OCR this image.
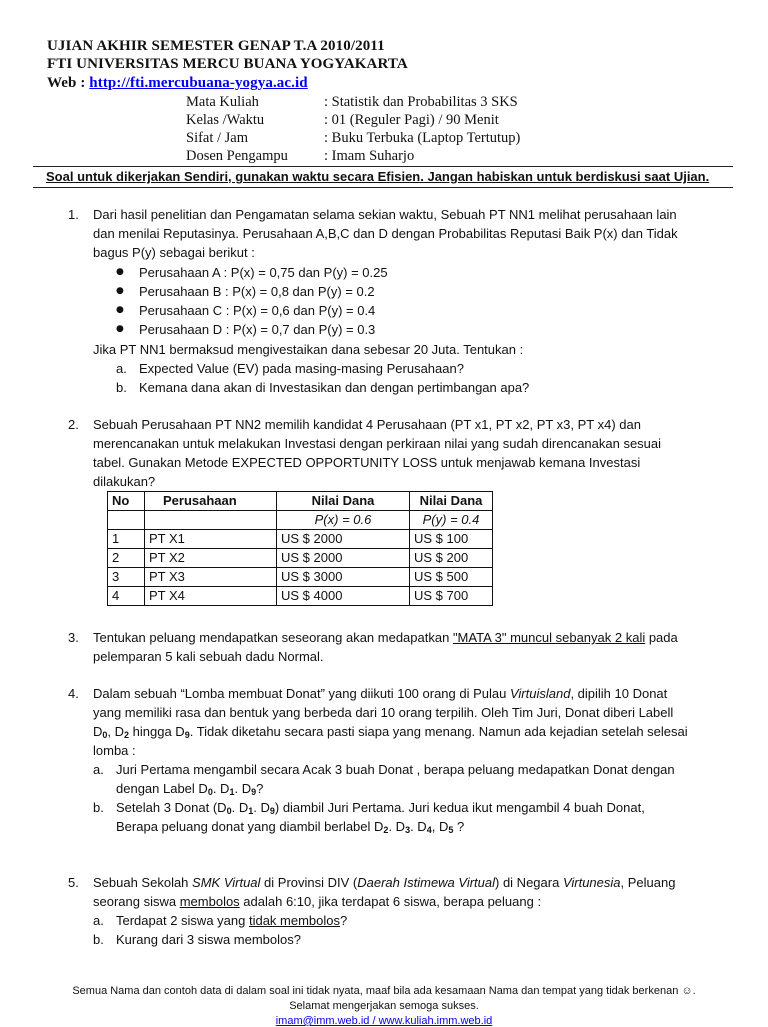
UJIAN AKHIR SEMESTER GENAP T.A 2010/2011
FTI UNIVERSITAS MERCU BUANA YOGYAKARTA
Web : http://fti.mercubuana-yogya.ac.id
Mata Kuliah	: Statistik dan Probabilitas 3 SKS
Kelas /Waktu	: 01 (Reguler Pagi) / 90 Menit
Sifat / Jam	: Buku Terbuka (Laptop Tertutup)
Dosen Pengampu : Imam Suharjo
Soal untuk dikerjakan Sendiri, gunakan waktu secara Efisien. Jangan habiskan untuk berdiskusi saat Ujian.
1. Dari hasil penelitian dan Pengamatan selama sekian waktu, Sebuah PT NN1 melihat perusahaan lain
dan menilai Reputasinya. Perusahaan A,B,C dan D dengan Probabilitas Reputasi Baik P(x) dan Tidak
bagus P(y) sebagai berikut :
● Perusahaan A : P(x) = 0,75 dan P(y) = 0.25
● Perusahaan B : P(x) = 0,8 dan P(y) = 0.2
● Perusahaan C : P(x) = 0,6 dan P(y) = 0.4
● Perusahaan D : P(x) = 0,7 dan P(y) = 0.3
Jika PT NN1 bermaksud mengivestaikan dana sebesar 20 Juta. Tentukan :
a. Expected Value (EV) pada masing-masing Perusahaan?
b. Kemana dana akan di Investasikan dan dengan pertimbangan apa?
2. Sebuah Perusahaan PT NN2 memilih kandidat 4 Perusahaan (PT x1, PT x2, PT x3, PT x4) dan
merencanakan untuk melakukan Investasi dengan perkiraan nilai yang sudah direncanakan sesuai
tabel. Gunakan Metode EXPECTED OPPORTUNITY LOSS untuk menjawab kemana Investasi
dilakukan?
No	Perusahaan	Nilai Dana	Nilai Dana
		P(x) = 0.6	P(y) = 0.4
1	PT X1	US $ 2000	US $ 100
2	PT X2	US $ 2000	US $ 200
3	PT X3	US $ 3000	US $ 500
4	PT X4	US $ 4000	US $ 700
3. Tentukan peluang mendapatkan seseorang akan medapatkan "MATA 3" muncul sebanyak 2 kali pada
pelemparan 5 kali sebuah dadu Normal.
4. Dalam sebuah “Lomba membuat Donat” yang diikuti 100 orang di Pulau Virtuisland, dipilih 10 Donat
yang memiliki rasa dan bentuk yang berbeda dari 10 orang terpilih. Oleh Tim Juri, Donat diberi Labell
$D_0$, $D_2$ hingga $D_9$. Tidak diketahu secara pasti siapa yang menang. Namun ada kejadian setelah selesai
lomba :
a. Juri Pertama mengambil secara Acak 3 buah Donat , berapa peluang medapatkan Donat dengan
dengan Label $D_0$. $D_1$. $D_9$?
b. Setelah 3 Donat ($D_0$. $D_1$. $D_9$) diambil Juri Pertama. Juri kedua ikut mengambil 4 buah Donat,
Berapa peluang donat yang diambil berlabel $D_2$. $D_3$. $D_4$, $D_5$ ?
5. Sebuah Sekolah SMK Virtual di Provinsi DIV (Daerah Istimewa Virtual) di Negara Virtunesia, Peluang
seorang siswa membolos adalah 6:10, jika terdapat 6 siswa, berapa peluang :
a. Terdapat 2 siswa yang tidak membolos?
b. Kurang dari 3 siswa membolos?
Semua Nama dan contoh data di dalam soal ini tidak nyata, maaf bila ada kesamaan Nama dan tempat yang tidak berkenan ☺.
Selamat mengerjakan semoga sukses.
imam@imm.web.id / www.kuliah.imm.web.id
